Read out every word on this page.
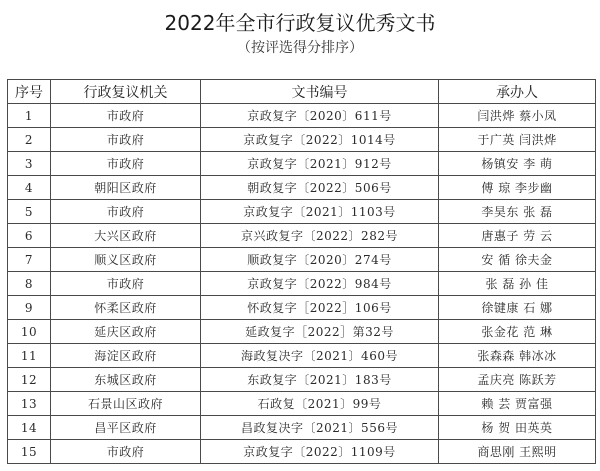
2022年全市行政复议优秀文书
（按评选得分排序）
序号	行政复议机关	文书编号	承办人
1	市政府	京政复字〔2020〕611号	闫洪烨 蔡小凤
2	市政府	京政复字〔2022〕1014号	于广英 闫洪烨
3	市政府	京政复字〔2021〕912号	杨镇安 李 萌
4	朝阳区政府	朝政复字〔2022〕506号	傅 琼 李步幽
5	市政府	京政复字〔2021〕1103号	李昊东 张 磊
6	大兴区政府	京兴政复字〔2022〕282号	唐惠子 劳 云
7	顺义区政府	顺政复字〔2020〕274号	安 循 徐夫金
8	市政府	京政复字〔2022〕984号	张 磊 孙 佳
9	怀柔区政府	怀政复字［2022］106号	徐键康 石 娜
10	延庆区政府	延政复字［2022］第32号	张金花 范 琳
11	海淀区政府	海政复决字〔2021〕460号	张森森 韩冰冰
12	东城区政府	东政复字〔2021〕183号	孟庆亮 陈跃芳
13	石景山区政府	石政复〔2021〕99号	赖 芸 贾富强
14	昌平区政府	昌政复决字〔2021〕556号	杨 贺 田英英
15	市政府	京政复字〔2022〕1109号	商思刚 王熙明
